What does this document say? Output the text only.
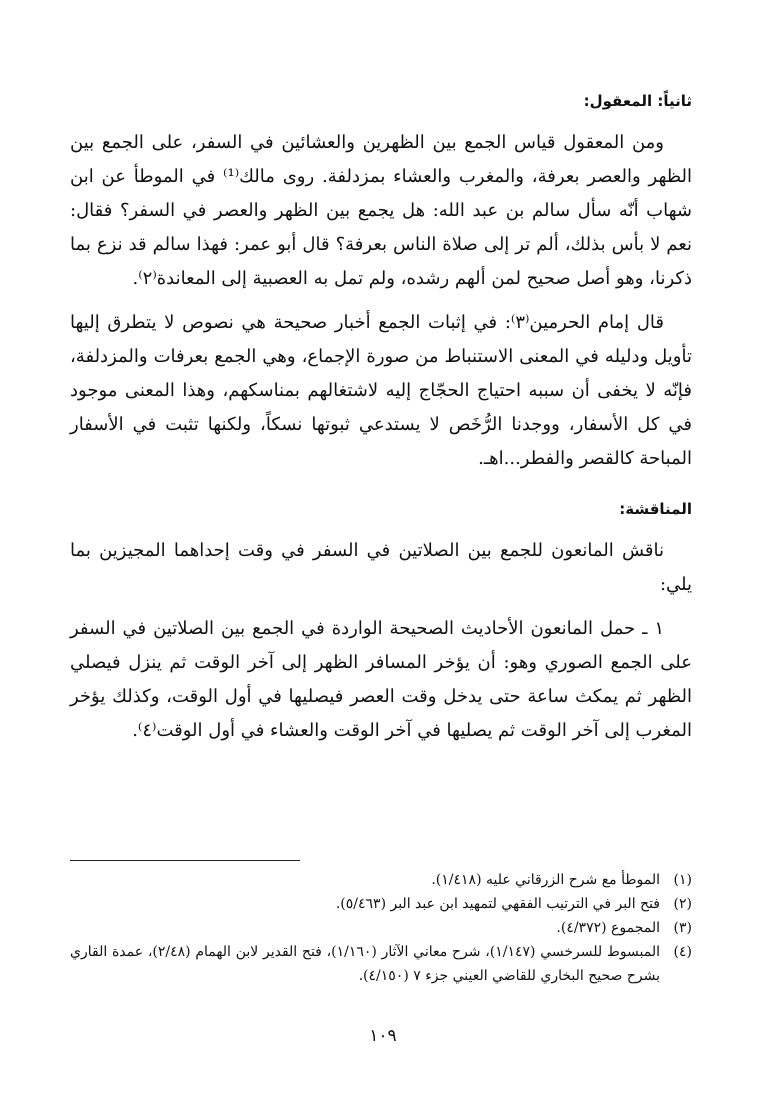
ثانياً: المعقول:

ومن المعقول قياس الجمع بين الظهرين والعشائين في السفر، على الجمع بين الظهر والعصر بعرفة، والمغرب والعشاء بمزدلفة. روى مالك⁽¹⁾ في الموطأ عن ابن شهاب أنّه سأل سالم بن عبد الله: هل يجمع بين الظهر والعصر في السفر؟ فقال: نعم لا بأس بذلك، ألم تر إلى صلاة الناس بعرفة؟ قال أبو عمر: فهذا سالم قد نزع بما ذكرنا، وهو أصل صحيح لمن ألهم رشده، ولم تمل به العصبية إلى المعاندة⁽٢⁾.

قال إمام الحرمين⁽٣⁾: في إثبات الجمع أخبار صحيحة هي نصوص لا يتطرق إليها تأويل ودليله في المعنى الاستنباط من صورة الإجماع، وهي الجمع بعرفات والمزدلفة، فإنّه لا يخفى أن سببه احتياج الحجّاج إليه لاشتغالهم بمناسكهم، وهذا المعنى موجود في كل الأسفار، ووجدنا الرُّخَص لا يستدعي ثبوتها نسكاً، ولكنها تثبت في الأسفار المباحة كالقصر والفطر...اهـ.

المناقشة:

ناقش المانعون للجمع بين الصلاتين في السفر في وقت إحداهما المجيزين بما يلي:

١ ـ حمل المانعون الأحاديث الصحيحة الواردة في الجمع بين الصلاتين في السفر على الجمع الصوري وهو: أن يؤخر المسافر الظهر إلى آخر الوقت ثم ينزل فيصلي الظهر ثم يمكث ساعة حتى يدخل وقت العصر فيصليها في أول الوقت، وكذلك يؤخر المغرب إلى آخر الوقت ثم يصليها في آخر الوقت والعشاء في أول الوقت⁽٤⁾.

(١)
الموطأ مع شرح الزرقاني عليه (١/٤١٨).
(٢)
فتح البر في الترتيب الفقهي لتمهيد ابن عبد البر (٥/٤٦٣).
(٣)
المجموع (٤/٣٧٢).
(٤)
المبسوط للسرخسي (١/١٤٧)، شرح معاني الآثار (١/١٦٠)، فتح القدير لابن الهمام (٢/٤٨)، عمدة القاري بشرح صحيح البخاري للقاضي العيني جزء ٧ (٤/١٥٠).
١٠٩
